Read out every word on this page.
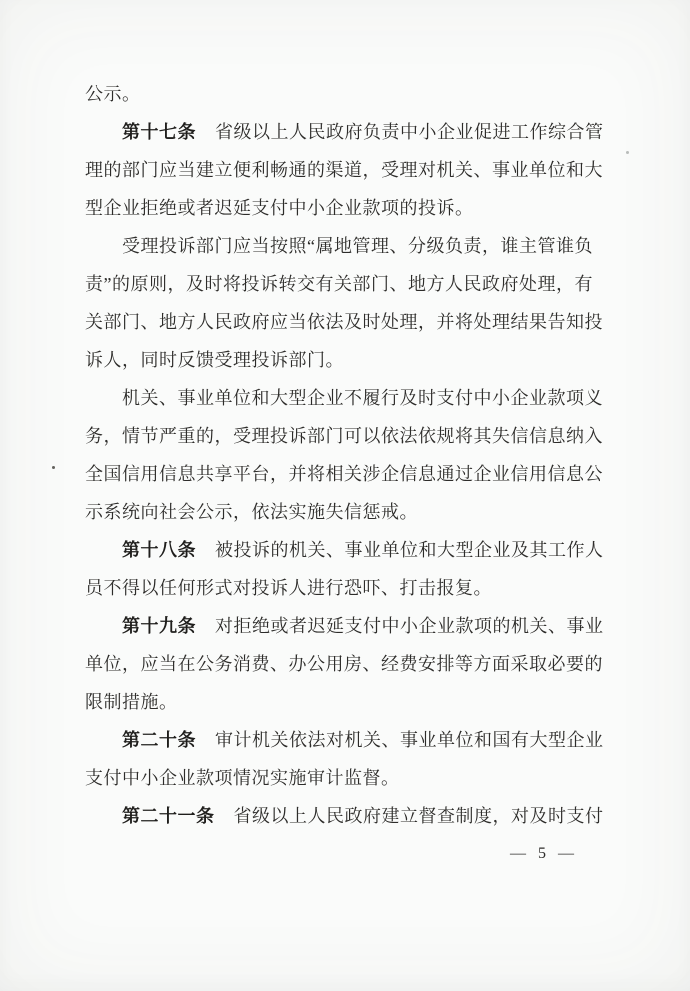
公示。
第十七条 省级以上人民政府负责中小企业促进工作综合管
理的部门应当建立便利畅通的渠道，受理对机关、事业单位和大
型企业拒绝或者迟延支付中小企业款项的投诉。
受理投诉部门应当按照“属地管理、分级负责，谁主管谁负
责”的原则，及时将投诉转交有关部门、地方人民政府处理，有
关部门、地方人民政府应当依法及时处理，并将处理结果告知投
诉人，同时反馈受理投诉部门。
机关、事业单位和大型企业不履行及时支付中小企业款项义
务，情节严重的，受理投诉部门可以依法依规将其失信信息纳入
全国信用信息共享平台，并将相关涉企信息通过企业信用信息公
示系统向社会公示，依法实施失信惩戒。
第十八条 被投诉的机关、事业单位和大型企业及其工作人
员不得以任何形式对投诉人进行恐吓、打击报复。
第十九条 对拒绝或者迟延支付中小企业款项的机关、事业
单位，应当在公务消费、办公用房、经费安排等方面采取必要的
限制措施。
第二十条 审计机关依法对机关、事业单位和国有大型企业
支付中小企业款项情况实施审计监督。
第二十一条 省级以上人民政府建立督查制度，对及时支付
— 5 —
